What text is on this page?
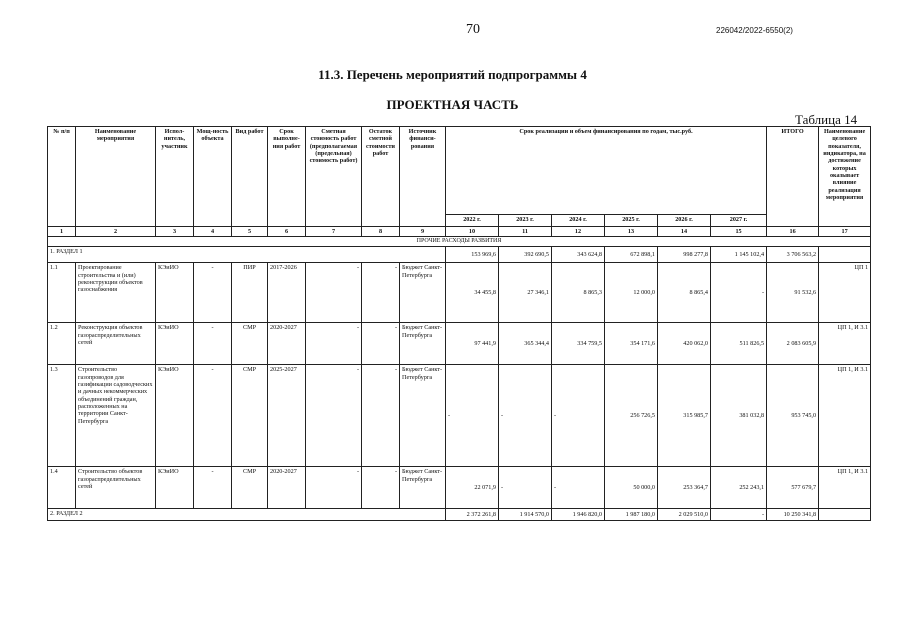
70	226042/2022-6550(2)
11.3. Перечень мероприятий подпрограммы 4
ПРОЕКТНАЯ ЧАСТЬ
Таблица 14
№ п/п	Наименование мероприятия	Испол-нитель, участник	Мощ-ность объекта	Вид работ	Срок выполне-ния работ	Сметная стоимость работ (предполагаемая (предельная) стоимость работ)	Остаток сметной стоимости работ	Источник финанси-рования	Срок реализации и объем финансирования по годам, тыс.руб.						ИТОГО	Наименование целевого показателя, индикатора, на достижение которых оказывает влияние реализация мероприятия
									2022 г.	2023 г.	2024 г.	2025 г.	2026 г.	2027 г.		
1	2	3	4	5	6	7	8	9	10	11	12	13	14	15	16	17
ПРОЧИЕ РАСХОДЫ РАЗВИТИЯ																
1. РАЗДЕЛ 1									153 969,6	392 690,5	343 624,8	672 898,1	998 277,8	1 145 102,4	3 706 563,2	
1.1	Проектирование строительства и (или) реконструкции объектов газоснабжения	КЭиИО	-	ПИР	2017-2026	-	-	Бюджет Санкт-Петербурга	34 455,8	27 346,1	8 865,3	12 000,0	8 865,4	-	91 532,6	ЦП 1
1.2	Реконструкция объектов газораспределительных сетей	КЭиИО	-	СМР	2020-2027	-	-	Бюджет Санкт-Петербурга	97 441,9	365 344,4	334 759,5	354 171,6	420 062,0	511 826,5	2 083 605,9	ЦП 1, И 3.1
1.3	Строительство газопроводов для газификации садоводческих и дачных некоммерческих объединений граждан, расположенных на территории Санкт-Петербурга	КЭиИО	-	СМР	2025-2027	-	-	Бюджет Санкт-Петербурга	-	-	-	256 726,5	315 985,7	381 032,8	953 745,0	ЦП 1, И 3.1
1.4	Строительство объектов газораспределительных сетей	КЭиИО	-	СМР	2020-2027	-	-	Бюджет Санкт-Петербурга	22 071,9	-	-	50 000,0	253 364,7	252 243,1	577 679,7	ЦП 1, И 3.1
2. РАЗДЕЛ 2									2 372 261,8	1 914 570,0	1 946 820,0	1 987 180,0	2 029 510,0	-	10 250 341,8	
